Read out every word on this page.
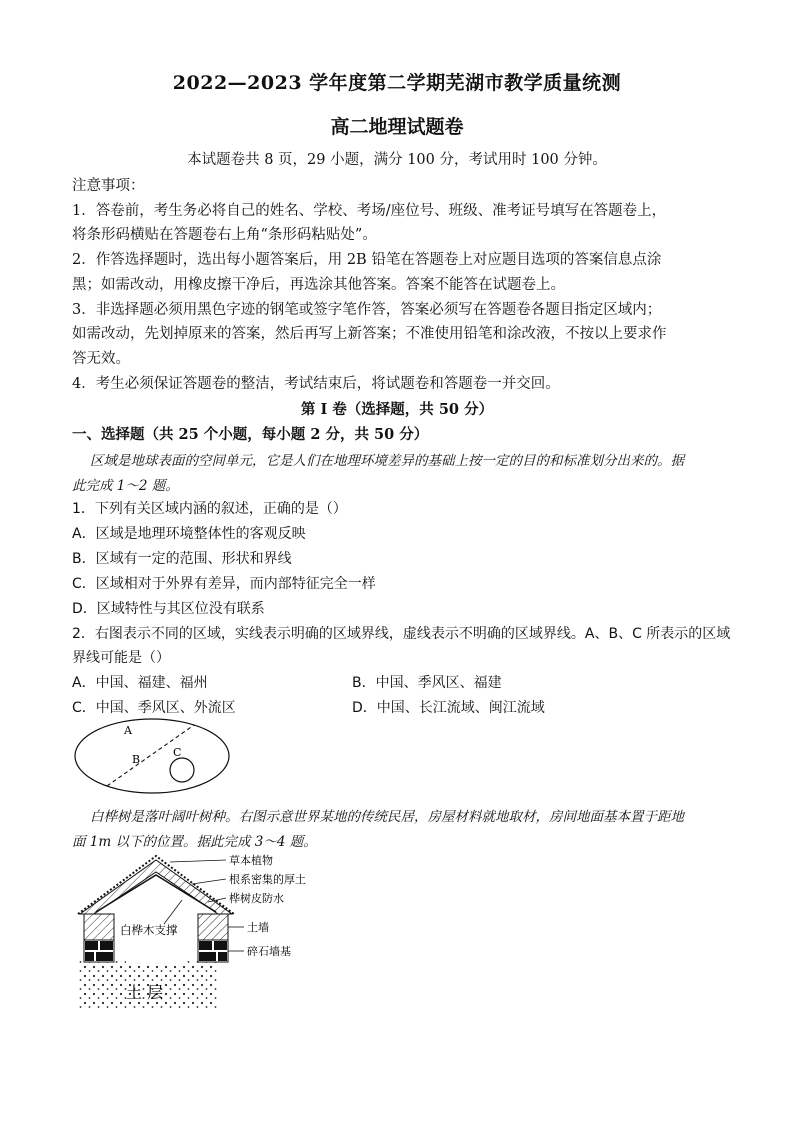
2022—2023 学年度第二学期芜湖市教学质量统测
高二地理试题卷
本试题卷共 8 页，29 小题，满分 100 分，考试用时 100 分钟。
注意事项：
1．答卷前，考生务必将自己的姓名、学校、考场/座位号、班级、准考证号填写在答题卷上，
将条形码横贴在答题卷右上角“条形码粘贴处”。
2．作答选择题时，选出每小题答案后，用 2B 铅笔在答题卷上对应题目选项的答案信息点涂
黑；如需改动，用橡皮擦干净后，再选涂其他答案。答案不能答在试题卷上。
3．非选择题必须用黑色字迹的钢笔或签字笔作答，答案必须写在答题卷各题目指定区域内；
如需改动，先划掉原来的答案，然后再写上新答案；不准使用铅笔和涂改液，不按以上要求作
答无效。
4．考生必须保证答题卷的整洁，考试结束后，将试题卷和答题卷一并交回。
第 I 卷（选择题，共 50 分）
一、选择题（共 25 个小题，每小题 2 分，共 50 分）
区域是地球表面的空间单元，它是人们在地理环境差异的基础上按一定的目的和标准划分出来的。据
此完成 1～2 题。
1．下列有关区域内涵的叙述，正确的是（）
A．区域是地理环境整体性的客观反映
B．区域有一定的范围、形状和界线
C．区域相对于外界有差异，而内部特征完全一样
D．区域特性与其区位没有联系
2．右图表示不同的区域，实线表示明确的区域界线，虚线表示不明确的区域界线。A、B、C 所表示的区域
界线可能是（）
A．中国、福建、福州	B．中国、季风区、福建
C．中国、季风区、外流区	D．中国、长江流域、闽江流域
A
B
C
白桦树是落叶阔叶树种。右图示意世界某地的传统民居，房屋材料就地取材，房间地面基本置于距地
面 1m 以下的位置。据此完成 3～4 题。
白桦木支撑
土 层
草本植物
根系密集的厚土
桦树皮防水
土墙
碎石墙基
